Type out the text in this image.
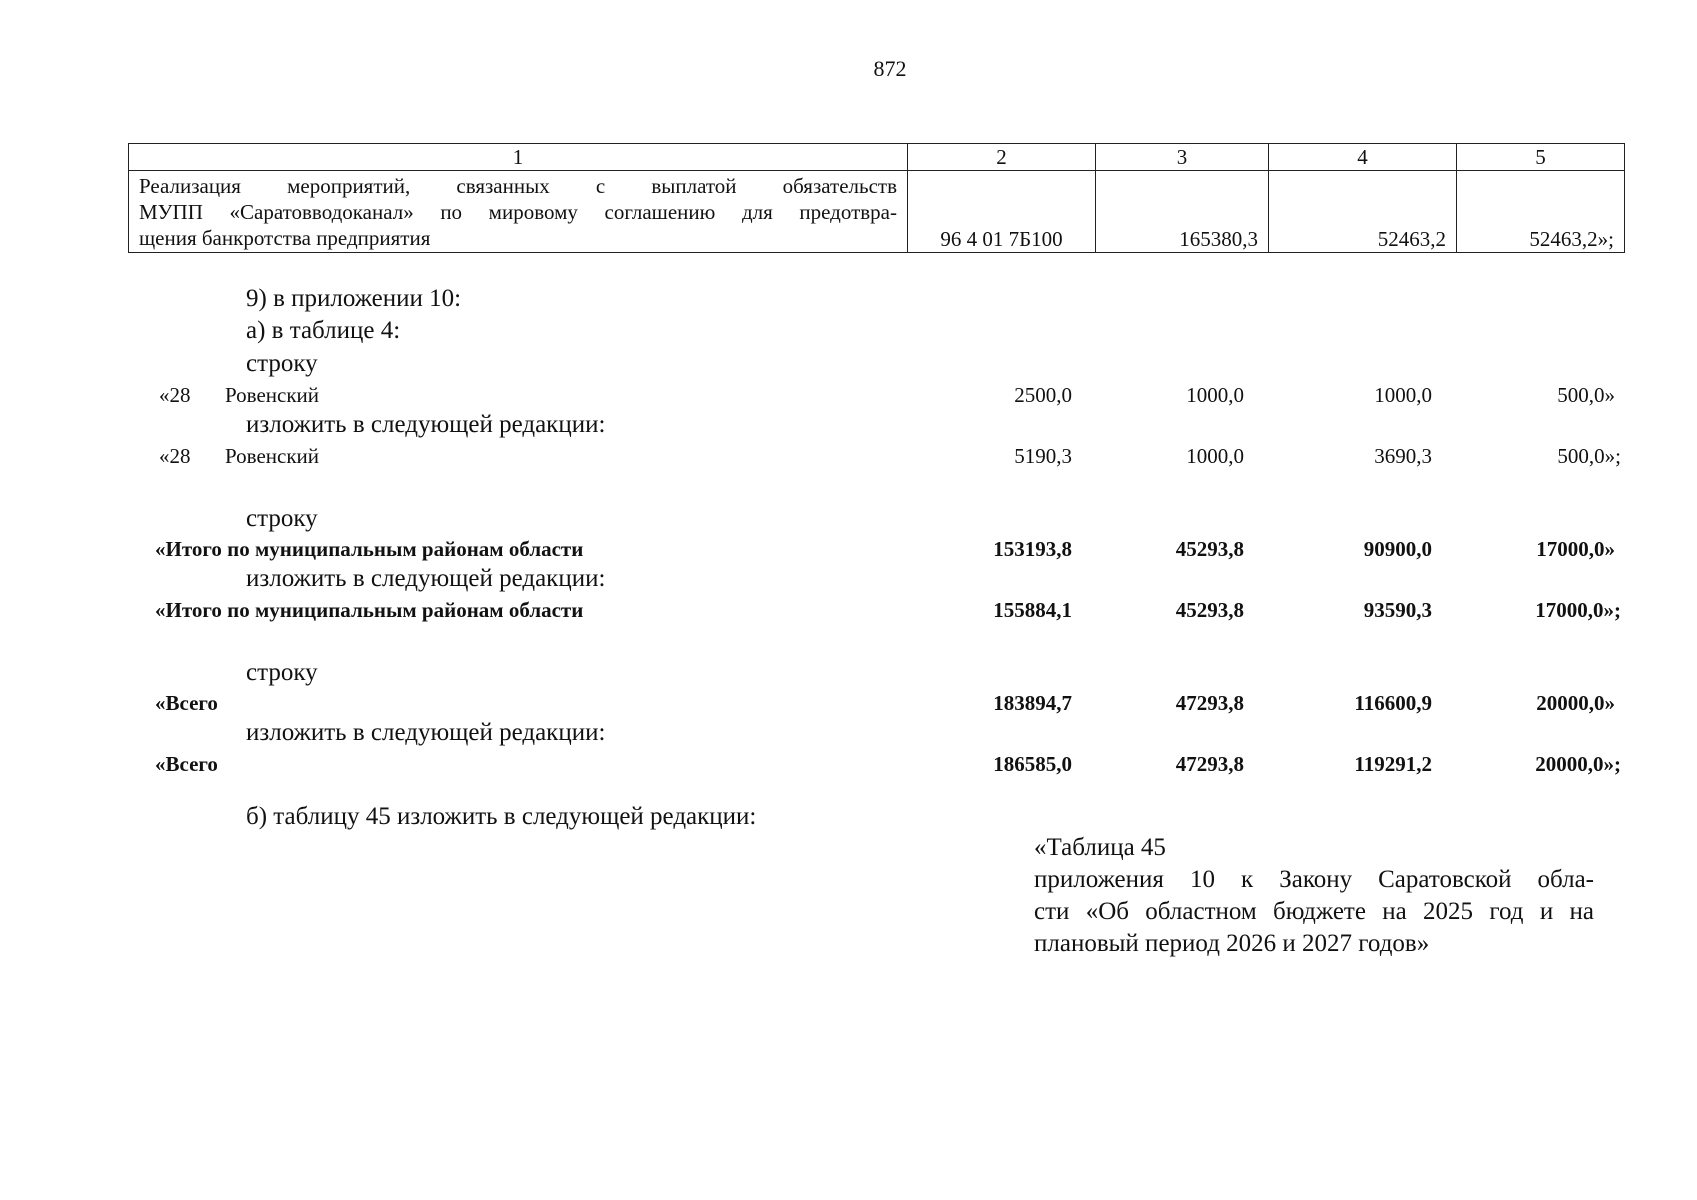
872
1	2	3	4	5

Реализация мероприятий, связанных с выплатой обязательств
МУПП «Саратовводоканал» по мировому соглашению для предотвра-
щения банкротства предприятия	96 4 01 7Б100	165380,3	52463,2	52463,2»;
9) в приложении 10:
а) в таблице 4:
строку
«28 Ровенский	2500,0	1000,0	1000,0	500,0»
изложить в следующей редакции:
«28 Ровенский	5190,3	1000,0	3690,3	500,0»;
строку
«Итого по муниципальным районам области	153193,8	45293,8	90900,0	17000,0»
изложить в следующей редакции:
«Итого по муниципальным районам области	155884,1	45293,8	93590,3	17000,0»;
строку
«Всего	183894,7	47293,8	116600,9	20000,0»
изложить в следующей редакции:
«Всего	186585,0	47293,8	119291,2	20000,0»;
б) таблицу 45 изложить в следующей редакции:
«Таблица 45
приложения 10 к Закону Саратовской обла-
сти «Об областном бюджете на 2025 год и на
плановый период 2026 и 2027 годов»
